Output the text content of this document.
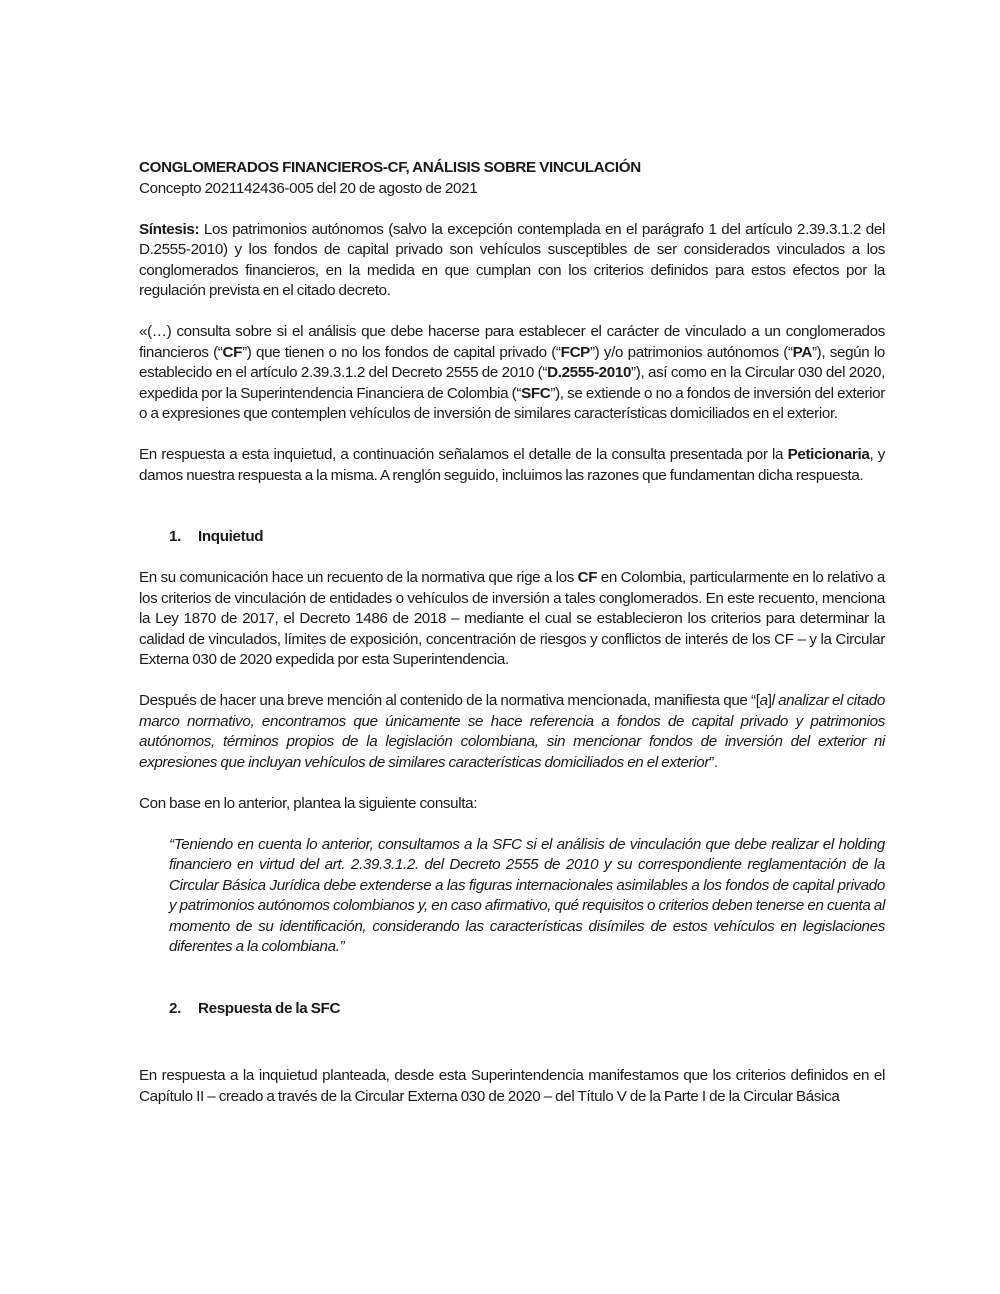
CONGLOMERADOS FINANCIEROS-CF, ANÁLISIS SOBRE VINCULACIÓN

Concepto 2021142436-005 del 20 de agosto de 2021

Síntesis: Los patrimonios autónomos (salvo la excepción contemplada en el parágrafo 1 del artículo 2.39.3.1.2 del D.2555-2010) y los fondos de capital privado son vehículos susceptibles de ser considerados vinculados a los conglomerados financieros, en la medida en que cumplan con los criterios definidos para estos efectos por la regulación prevista en el citado decreto.

«(…) consulta sobre si el análisis que debe hacerse para establecer el carácter de vinculado a un conglomerados financieros (“CF”) que tienen o no los fondos de capital privado (“FCP”) y/o patrimonios autónomos (“PA”), según lo establecido en el artículo 2.39.3.1.2 del Decreto 2555 de 2010 (“D.2555-2010”), así como en la Circular 030 del 2020, expedida por la Superintendencia Financiera de Colombia (“SFC”), se extiende o no a fondos de inversión del exterior o a expresiones que contemplen vehículos de inversión de similares características domiciliados en el exterior.

En respuesta a esta inquietud, a continuación señalamos el detalle de la consulta presentada por la Peticionaria, y damos nuestra respuesta a la misma. A renglón seguido, incluimos las razones que fundamentan dicha respuesta.

1. Inquietud

En su comunicación hace un recuento de la normativa que rige a los CF en Colombia, particularmente en lo relativo a los criterios de vinculación de entidades o vehículos de inversión a tales conglomerados. En este recuento, menciona la Ley 1870 de 2017, el Decreto 1486 de 2018 – mediante el cual se establecieron los criterios para determinar la calidad de vinculados, límites de exposición, concentración de riesgos y conflictos de interés de los CF – y la Circular Externa 030 de 2020 expedida por esta Superintendencia.

Después de hacer una breve mención al contenido de la normativa mencionada, manifiesta que “[a]l analizar el citado marco normativo, encontramos que únicamente se hace referencia a fondos de capital privado y patrimonios autónomos, términos propios de la legislación colombiana, sin mencionar fondos de inversión del exterior ni expresiones que incluyan vehículos de similares características domiciliados en el exterior”.

Con base en lo anterior, plantea la siguiente consulta:

“Teniendo en cuenta lo anterior, consultamos a la SFC si el análisis de vinculación que debe realizar el holding financiero en virtud del art. 2.39.3.1.2. del Decreto 2555 de 2010 y su correspondiente reglamentación de la Circular Básica Jurídica debe extenderse a las figuras internacionales asimilables a los fondos de capital privado y patrimonios autónomos colombianos y, en caso afirmativo, qué requisitos o criterios deben tenerse en cuenta al momento de su identificación, considerando las características disímiles de estos vehículos en legislaciones diferentes a la colombiana.”

2. Respuesta de la SFC

En respuesta a la inquietud planteada, desde esta Superintendencia manifestamos que los criterios definidos en el Capítulo II – creado a través de la Circular Externa 030 de 2020 – del Título V de la Parte I de la Circular Básica
